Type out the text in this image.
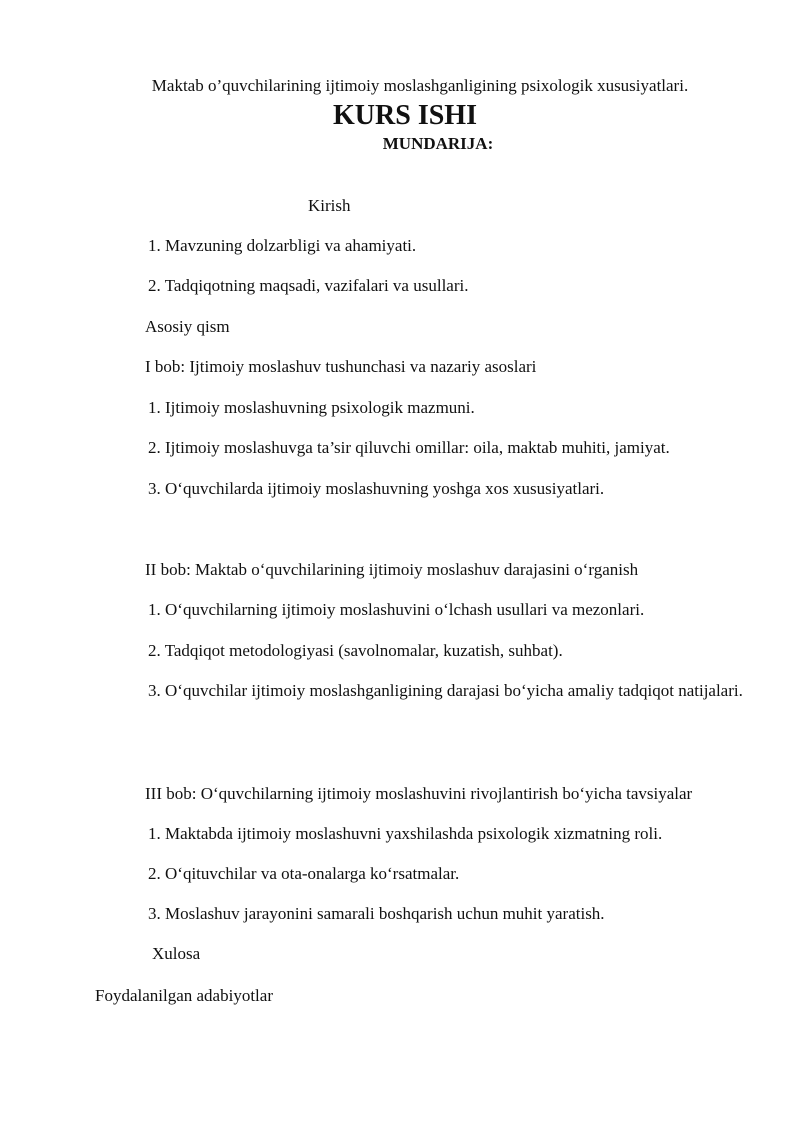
Maktab o’quvchilarining ijtimoiy moslashganligining psixologik xususiyatlari.
KURS ISHI
MUNDARIJA:
Kirish
1. Mavzuning dolzarbligi va ahamiyati.
2. Tadqiqotning maqsadi, vazifalari va usullari.
Asosiy qism
I bob: Ijtimoiy moslashuv tushunchasi va nazariy asoslari
1. Ijtimoiy moslashuvning psixologik mazmuni.
2. Ijtimoiy moslashuvga ta’sir qiluvchi omillar: oila, maktab muhiti, jamiyat.
3. O‘quvchilarda ijtimoiy moslashuvning yoshga xos xususiyatlari.
II bob: Maktab o‘quvchilarining ijtimoiy moslashuv darajasini o‘rganish
1. O‘quvchilarning ijtimoiy moslashuvini o‘lchash usullari va mezonlari.
2. Tadqiqot metodologiyasi (savolnomalar, kuzatish, suhbat).
3. O‘quvchilar ijtimoiy moslashganligining darajasi bo‘yicha amaliy tadqiqot natijalari.
III bob: O‘quvchilarning ijtimoiy moslashuvini rivojlantirish bo‘yicha tavsiyalar
1. Maktabda ijtimoiy moslashuvni yaxshilashda psixologik xizmatning roli.
2. O‘qituvchilar va ota-onalarga ko‘rsatmalar.
3. Moslashuv jarayonini samarali boshqarish uchun muhit yaratish.
Xulosa
Foydalanilgan adabiyotlar
